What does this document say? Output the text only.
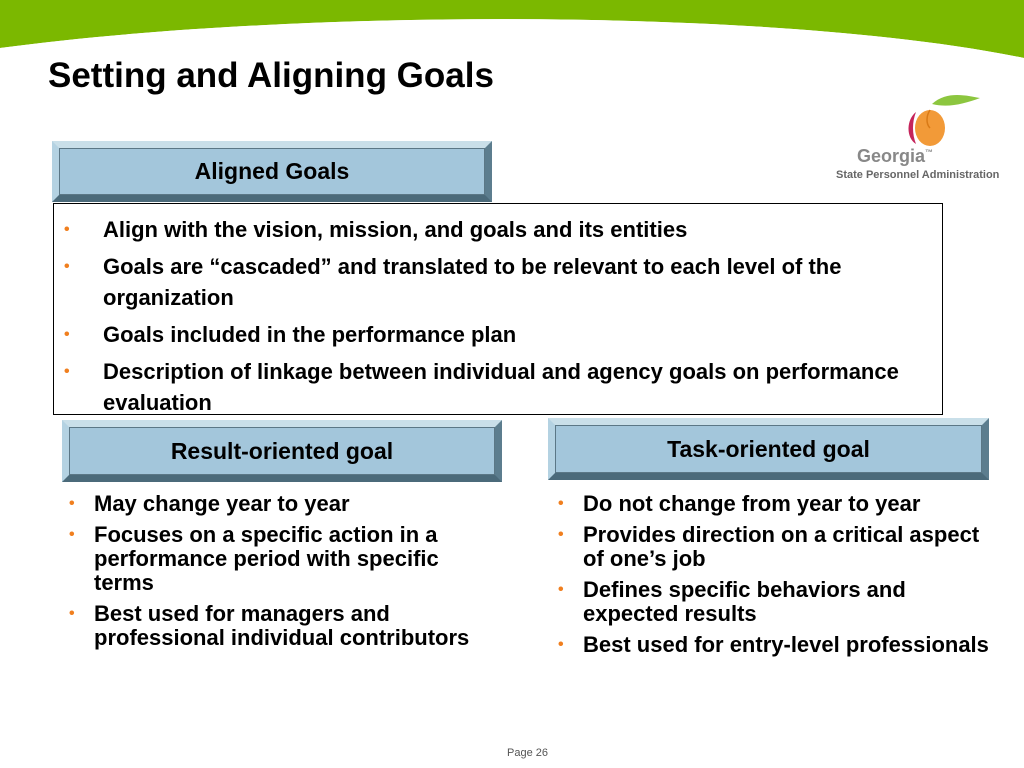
Setting and Aligning Goals
Georgia™
State Personnel Administration
Aligned Goals
• Align with the vision, mission, and goals and its entities
• Goals are “cascaded” and translated to be relevant to each level of the organization
• Goals included in the performance plan
• Description of linkage between individual and agency goals on performance evaluation
Result-oriented goal	Task-oriented goal
• May change year to year
• Focuses on a specific action in a performance period with specific terms
• Best used for managers and professional individual contributors
• Do not change from year to year
• Provides direction on a critical aspect of one’s job
• Defines specific behaviors and expected results
• Best used for entry-level professionals
Page 26
